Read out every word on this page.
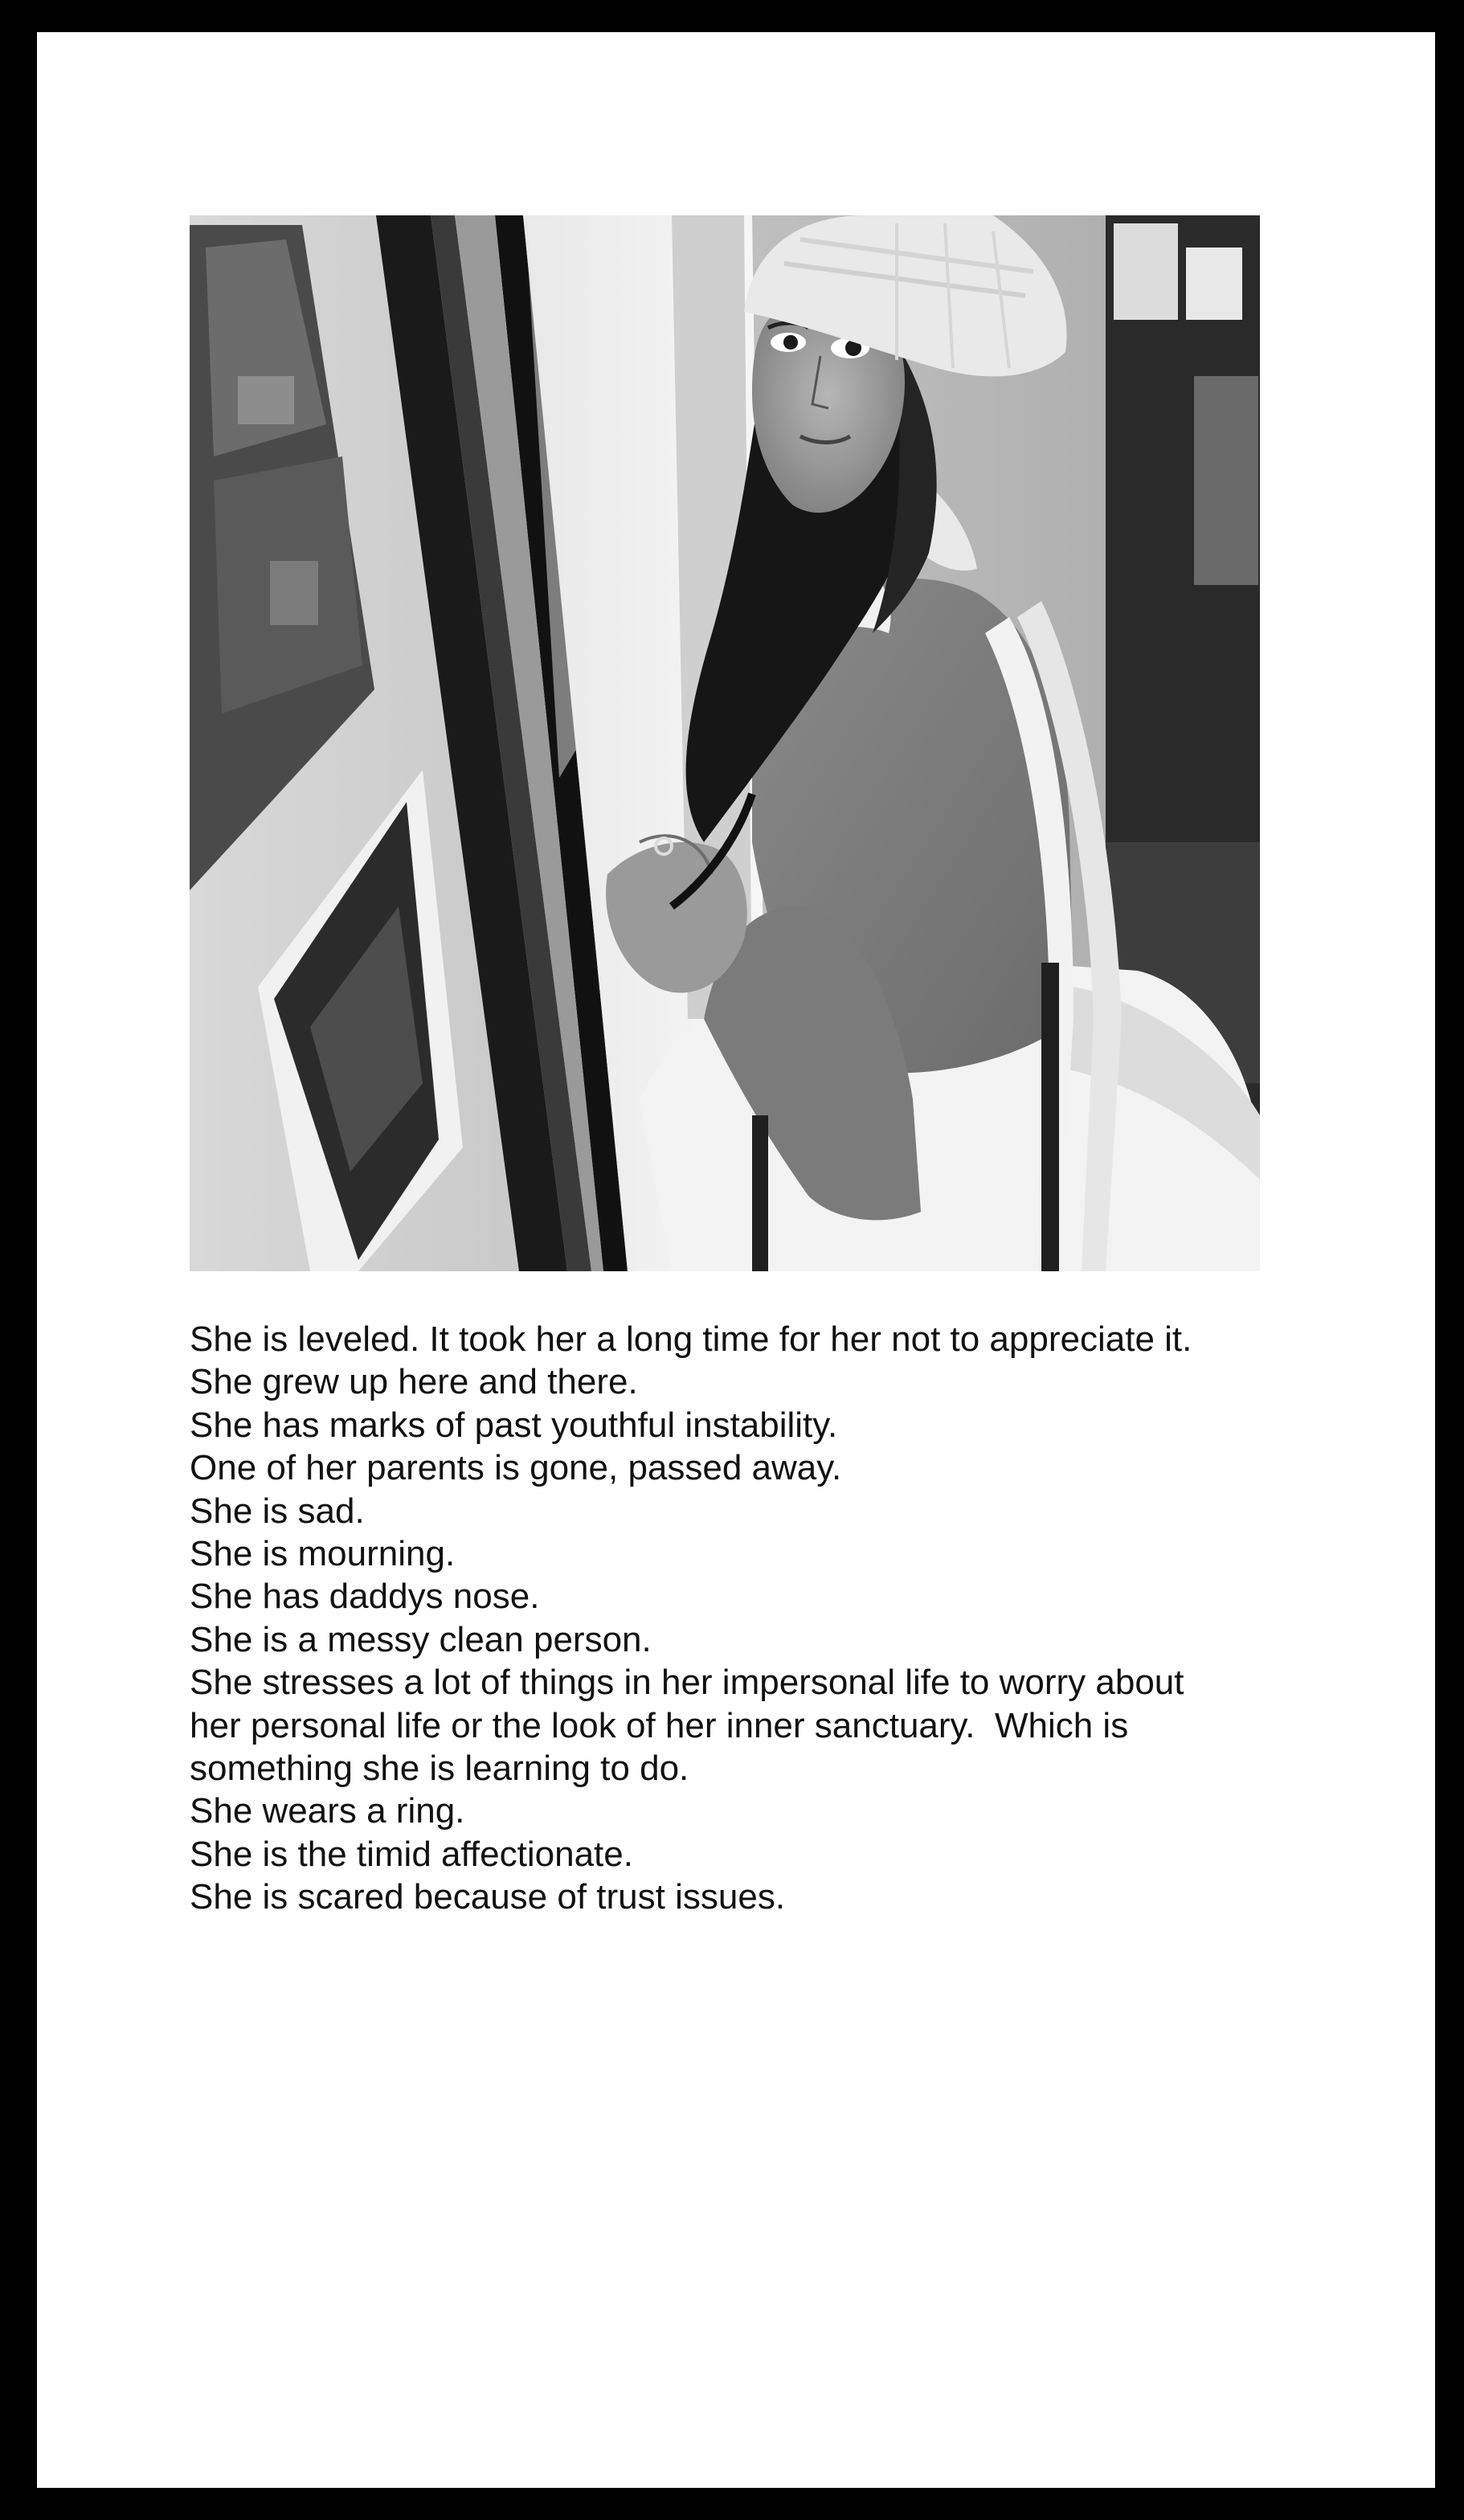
She is leveled. It took her a long time for her not to appreciate it.
She grew up here and there.
She has marks of past youthful instability.
One of her parents is gone, passed away.
She is sad.
She is mourning.
She has daddys nose.
She is a messy clean person.
She stresses a lot of things in her impersonal life to worry about
her personal life or the look of her inner sanctuary.  Which is
something she is learning to do.
She wears a ring.
She is the timid affectionate.
She is scared because of trust issues.
